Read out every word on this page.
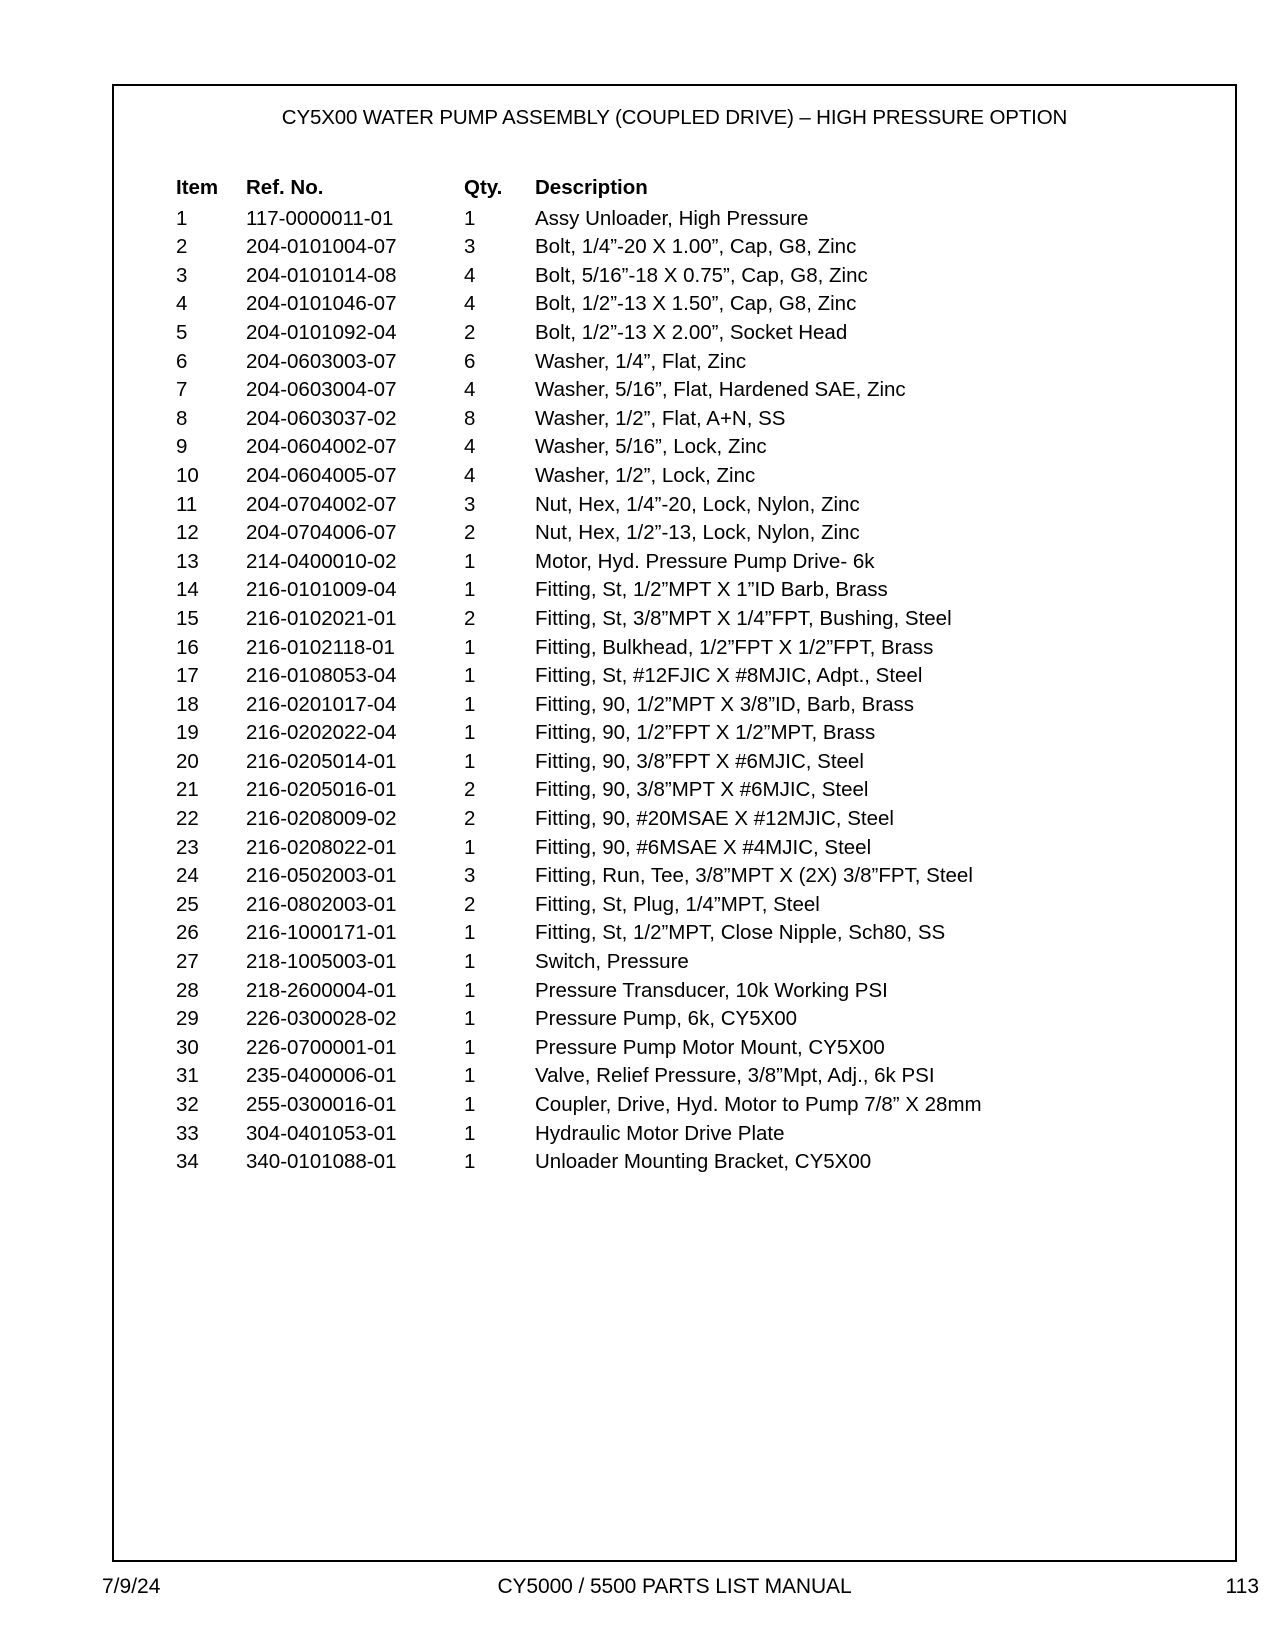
CY5X00 WATER PUMP ASSEMBLY (COUPLED DRIVE) – HIGH PRESSURE OPTION
Item	Ref. No.	Qty.	Description
1	117-0000011-01	1	Assy Unloader, High Pressure
2	204-0101004-07	3	Bolt, 1/4”-20 X 1.00”, Cap, G8, Zinc
3	204-0101014-08	4	Bolt, 5/16”-18 X 0.75”, Cap, G8, Zinc
4	204-0101046-07	4	Bolt, 1/2”-13 X 1.50”, Cap, G8, Zinc
5	204-0101092-04	2	Bolt, 1/2”-13 X 2.00”, Socket Head
6	204-0603003-07	6	Washer, 1/4”, Flat, Zinc
7	204-0603004-07	4	Washer, 5/16”, Flat, Hardened SAE, Zinc
8	204-0603037-02	8	Washer, 1/2”, Flat, A+N, SS
9	204-0604002-07	4	Washer, 5/16”, Lock, Zinc
10	204-0604005-07	4	Washer, 1/2”, Lock, Zinc
11	204-0704002-07	3	Nut, Hex, 1/4”-20, Lock, Nylon, Zinc
12	204-0704006-07	2	Nut, Hex, 1/2”-13, Lock, Nylon, Zinc
13	214-0400010-02	1	Motor, Hyd. Pressure Pump Drive- 6k
14	216-0101009-04	1	Fitting, St, 1/2”MPT X 1”ID Barb, Brass
15	216-0102021-01	2	Fitting, St, 3/8”MPT X 1/4”FPT, Bushing, Steel
16	216-0102118-01	1	Fitting, Bulkhead, 1/2”FPT X 1/2”FPT, Brass
17	216-0108053-04	1	Fitting, St, #12FJIC X #8MJIC, Adpt., Steel
18	216-0201017-04	1	Fitting, 90, 1/2”MPT X 3/8”ID, Barb, Brass
19	216-0202022-04	1	Fitting, 90, 1/2”FPT X 1/2”MPT, Brass
20	216-0205014-01	1	Fitting, 90, 3/8”FPT X #6MJIC, Steel
21	216-0205016-01	2	Fitting, 90, 3/8”MPT X #6MJIC, Steel
22	216-0208009-02	2	Fitting, 90, #20MSAE X #12MJIC, Steel
23	216-0208022-01	1	Fitting, 90, #6MSAE X #4MJIC, Steel
24	216-0502003-01	3	Fitting, Run, Tee, 3/8”MPT X (2X) 3/8”FPT, Steel
25	216-0802003-01	2	Fitting, St, Plug, 1/4”MPT, Steel
26	216-1000171-01	1	Fitting, St, 1/2”MPT, Close Nipple, Sch80, SS
27	218-1005003-01	1	Switch, Pressure
28	218-2600004-01	1	Pressure Transducer, 10k Working PSI
29	226-0300028-02	1	Pressure Pump, 6k, CY5X00
30	226-0700001-01	1	Pressure Pump Motor Mount, CY5X00
31	235-0400006-01	1	Valve, Relief Pressure, 3/8”Mpt, Adj., 6k PSI
32	255-0300016-01	1	Coupler, Drive, Hyd. Motor to Pump 7/8” X 28mm
33	304-0401053-01	1	Hydraulic Motor Drive Plate
34	340-0101088-01	1	Unloader Mounting Bracket, CY5X00
7/9/24	CY5000 / 5500 PARTS LIST MANUAL	113
